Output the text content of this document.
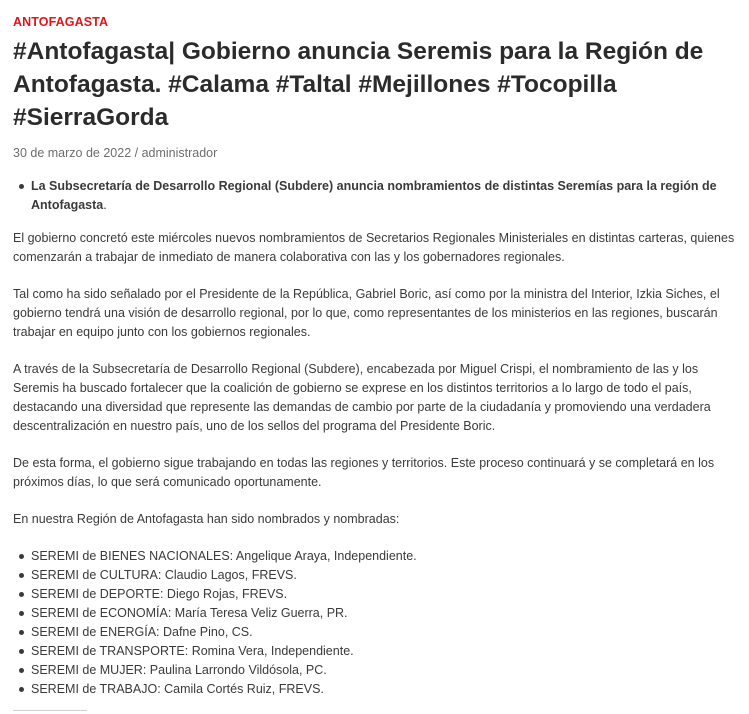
ANTOFAGASTA
#Antofagasta| Gobierno anuncia Seremis para la Región de Antofagasta. #Calama #Taltal #Mejillones #Tocopilla #SierraGorda
30 de marzo de 2022 / administrador
La Subsecretaría de Desarrollo Regional (Subdere) anuncia nombramientos de distintas Seremías para la región de Antofagasta.

El gobierno concretó este miércoles nuevos nombramientos de Secretarios Regionales Ministeriales en distintas carteras, quienes comenzarán a trabajar de inmediato de manera colaborativa con las y los gobernadores regionales.

Tal como ha sido señalado por el Presidente de la República, Gabriel Boric, así como por la ministra del Interior, Izkia Siches, el gobierno tendrá una visión de desarrollo regional, por lo que, como representantes de los ministerios en las regiones, buscarán trabajar en equipo junto con los gobiernos regionales.

A través de la Subsecretaría de Desarrollo Regional (Subdere), encabezada por Miguel Crispi, el nombramiento de las y los Seremis ha buscado fortalecer que la coalición de gobierno se exprese en los distintos territorios a lo largo de todo el país, destacando una diversidad que represente las demandas de cambio por parte de la ciudadanía y promoviendo una verdadera descentralización en nuestro país, uno de los sellos del programa del Presidente Boric.

De esta forma, el gobierno sigue trabajando en todas las regiones y territorios. Este proceso continuará y se completará en los próximos días, lo que será comunicado oportunamente.

En nuestra Región de Antofagasta han sido nombrados y nombradas:

SEREMI de BIENES NACIONALES: Angelique Araya, Independiente.
SEREMI de CULTURA: Claudio Lagos, FREVS.
SEREMI de DEPORTE: Diego Rojas, FREVS.
SEREMI de ECONOMÍA: María Teresa Veliz Guerra, PR.
SEREMI de ENERGÍA: Dafne Pino, CS.
SEREMI de TRANSPORTE: Romina Vera, Independiente.
SEREMI de MUJER: Paulina Larrondo Vildósola, PC.
SEREMI de TRABAJO: Camila Cortés Ruiz, FREVS.
